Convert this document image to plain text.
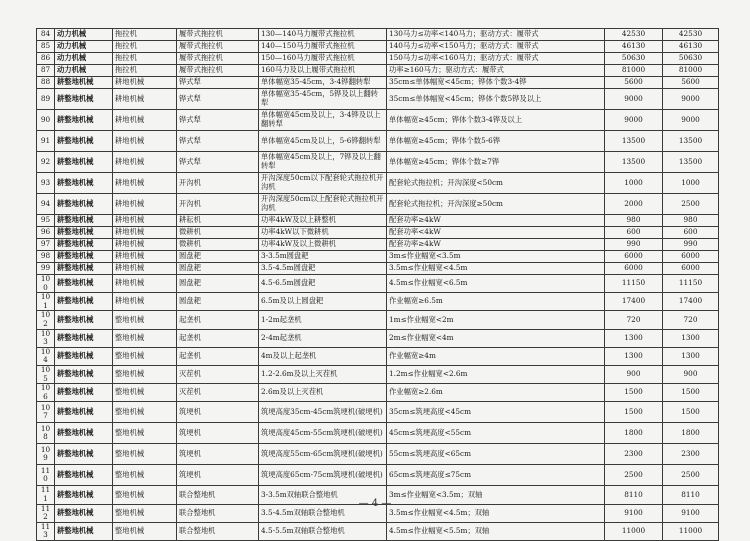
84	动力机械	拖拉机	履带式拖拉机	130—140马力履带式拖拉机	130马力≤功率<140马力；驱动方式：履带式	42530	42530
85	动力机械	拖拉机	履带式拖拉机	140—150马力履带式拖拉机	140马力≤功率<150马力；驱动方式：履带式	46130	46130
86	动力机械	拖拉机	履带式拖拉机	150—160马力履带式拖拉机	150马力≤功率<160马力；驱动方式：履带式	50630	50630
87	动力机械	拖拉机	履带式拖拉机	160马力及以上履带式拖拉机	功率≥160马力；驱动方式：履带式	81000	81000
88	耕整地机械	耕地机械	铧式犁	单体幅宽35-45cm，3-4铧翻转犁	35cm≤单体幅宽<45cm；铧体个数3-4铧	5600	5600
89	耕整地机械	耕地机械	铧式犁	单体幅宽35-45cm，5铧及以上翻转犁	35cm≤单体幅宽<45cm；铧体个数5铧及以上	9000	9000
90	耕整地机械	耕地机械	铧式犁	单体幅宽45cm及以上，3-4铧及以上翻转犁	单体幅宽≥45cm；铧体个数3-4铧及以上	9000	9000
91	耕整地机械	耕地机械	铧式犁	单体幅宽45cm及以上，5-6铧翻转犁	单体幅宽≥45cm；铧体个数5-6铧	13500	13500
92	耕整地机械	耕地机械	铧式犁	单体幅宽45cm及以上，7铧及以上翻转犁	单体幅宽≥45cm；铧体个数≥7铧	13500	13500
93	耕整地机械	耕地机械	开沟机	开沟深度50cm以下配套轮式拖拉机开沟机	配套轮式拖拉机；开沟深度<50cm	1000	1000
94	耕整地机械	耕地机械	开沟机	开沟深度50cm以上配套轮式拖拉机开沟机	配套轮式拖拉机；开沟深度≥50cm	2000	2500
95	耕整地机械	耕地机械	耕耘机	功率4kW及以上耕整机	配套功率≥4kW	980	980
96	耕整地机械	耕地机械	微耕机	功率4kW以下微耕机	配套功率<4kW	600	600
97	耕整地机械	耕地机械	微耕机	功率4kW及以上微耕机	配套功率≥4kW	990	990
98	耕整地机械	耕地机械	圆盘耙	3-3.5m圆盘耙	3m≤作业幅宽<3.5m	6000	6000
99	耕整地机械	耕地机械	圆盘耙	3.5-4.5m圆盘耙	3.5m≤作业幅宽<4.5m	6000	6000
100	耕整地机械	耕地机械	圆盘耙	4.5-6.5m圆盘耙	4.5m≤作业幅宽<6.5m	11150	11150
101	耕整地机械	耕地机械	圆盘耙	6.5m及以上圆盘耙	作业幅宽≥6.5m	17400	17400
102	耕整地机械	整地机械	起垄机	1-2m起垄机	1m≤作业幅宽<2m	720	720
103	耕整地机械	整地机械	起垄机	2-4m起垄机	2m≤作业幅宽<4m	1300	1300
104	耕整地机械	整地机械	起垄机	4m及以上起垄机	作业幅宽≥4m	1300	1300
105	耕整地机械	整地机械	灭茬机	1.2-2.6m及以上灭茬机	1.2m≤作业幅宽<2.6m	900	900
106	耕整地机械	整地机械	灭茬机	2.6m及以上灭茬机	作业幅宽≥2.6m	1500	1500
107	耕整地机械	整地机械	筑埂机	筑埂高度35cm-45cm筑埂机(破埂机)	35cm≤筑埂高度<45cm	1500	1500
108	耕整地机械	整地机械	筑埂机	筑埂高度45cm-55cm筑埂机(破埂机)	45cm≤筑埂高度<55cm	1800	1800
109	耕整地机械	整地机械	筑埂机	筑埂高度55cm-65cm筑埂机(破埂机)	55cm≤筑埂高度<65cm	2300	2300
110	耕整地机械	整地机械	筑埂机	筑埂高度65cm-75cm筑埂机(破埂机)	65cm≤筑埂高度≤75cm	2500	2500
111	耕整地机械	整地机械	联合整地机	3-3.5m双轴联合整地机	3m≤作业幅宽<3.5m；双轴	8110	8110
112	耕整地机械	整地机械	联合整地机	3.5-4.5m双轴联合整地机	3.5m≤作业幅宽<4.5m；双轴	9100	9100
113	耕整地机械	整地机械	联合整地机	4.5-5.5m双轴联合整地机	4.5m≤作业幅宽<5.5m；双轴	11000	11000
— 4 —
